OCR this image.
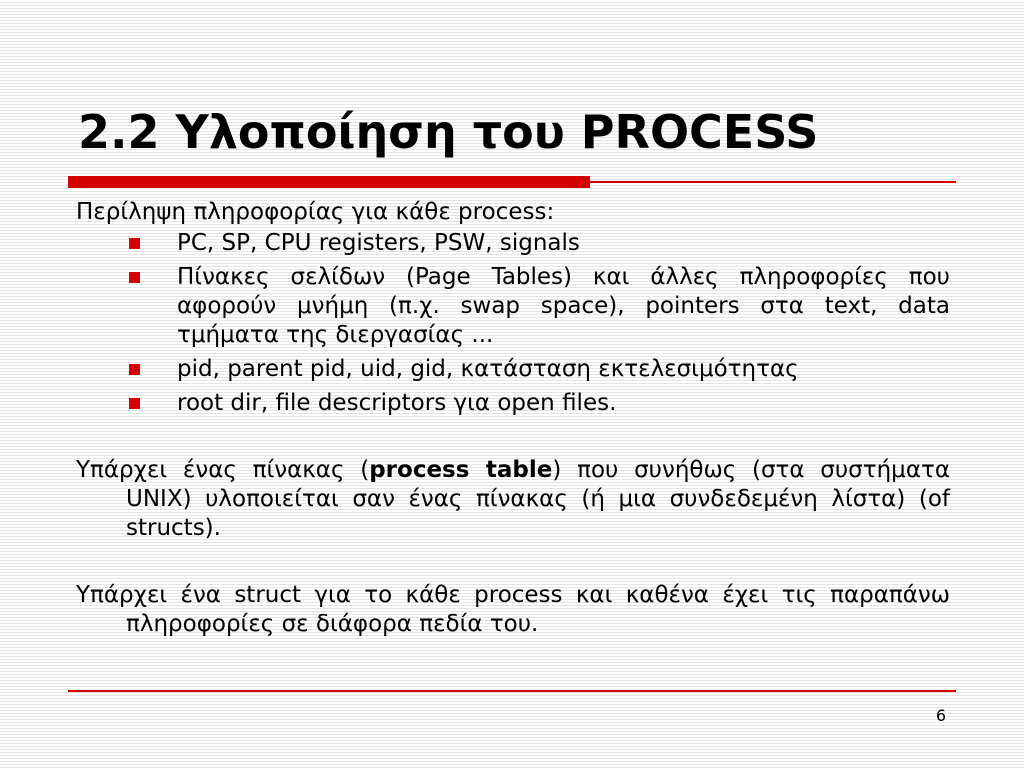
2.2 Υλοποίηση του PROCESS

Περίληψη πληροφορίας για κάθε process:

PC, SP, CPU registers, PSW, signals
Πίνακες σελίδων (Page Tables) και άλλες πληροφορίες που αφορούν μνήμη (π.χ. swap space), pointers στα text, data τμήματα της διεργασίας ...
pid, parent pid, uid, gid, κατάσταση εκτελεσιμότητας
root dir, file descriptors για open files.

Υπάρχει ένας πίνακας (process table) που συνήθως (στα συστήματα UNIX) υλοποιείται σαν ένας πίνακας (ή μια συνδεδεμένη λίστα) (of structs).

Υπάρχει ένα struct για το κάθε process και καθένα έχει τις παραπάνω πληροφορίες σε διάφορα πεδία του.

6
